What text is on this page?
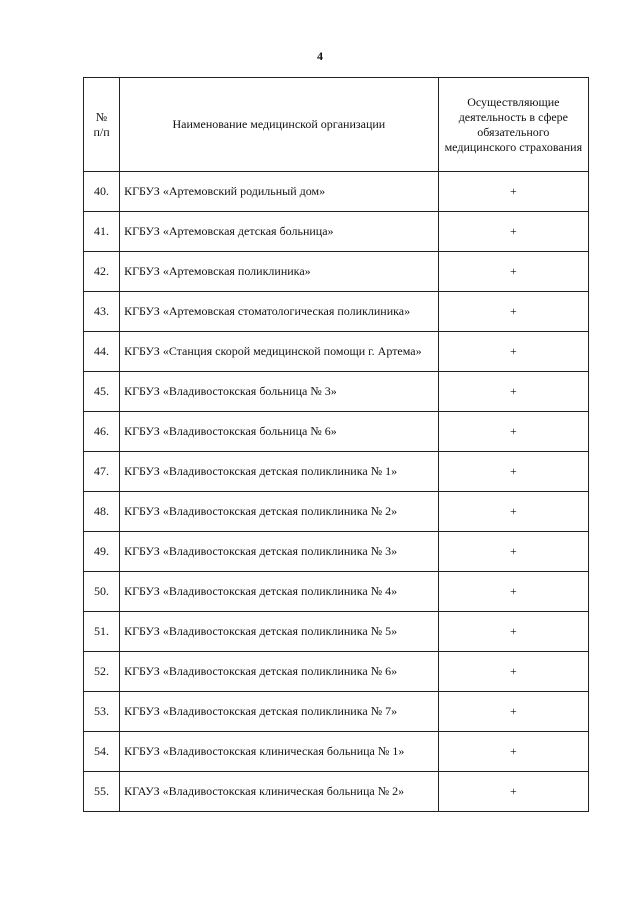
4
№
п/п	Наименование медицинской организации	Осуществляющие деятельность в сфере обязательного медицинского страхования
40.	КГБУЗ «Артемовский родильный дом»	+
41.	КГБУЗ «Артемовская детская больница»	+
42.	КГБУЗ «Артемовская поликлиника»	+
43.	КГБУЗ «Артемовская стоматологическая поликлиника»	+
44.	КГБУЗ «Станция скорой медицинской помощи г. Артема»	+
45.	КГБУЗ «Владивостокская больница № 3»	+
46.	КГБУЗ «Владивостокская больница № 6»	+
47.	КГБУЗ «Владивостокская детская поликлиника № 1»	+
48.	КГБУЗ «Владивостокская детская поликлиника № 2»	+
49.	КГБУЗ «Владивостокская детская поликлиника № 3»	+
50.	КГБУЗ «Владивостокская детская поликлиника № 4»	+
51.	КГБУЗ «Владивостокская детская поликлиника № 5»	+
52.	КГБУЗ «Владивостокская детская поликлиника № 6»	+
53.	КГБУЗ «Владивостокская детская поликлиника № 7»	+
54.	КГБУЗ «Владивостокская клиническая больница № 1»	+
55.	КГАУЗ «Владивостокская клиническая больница № 2»	+
